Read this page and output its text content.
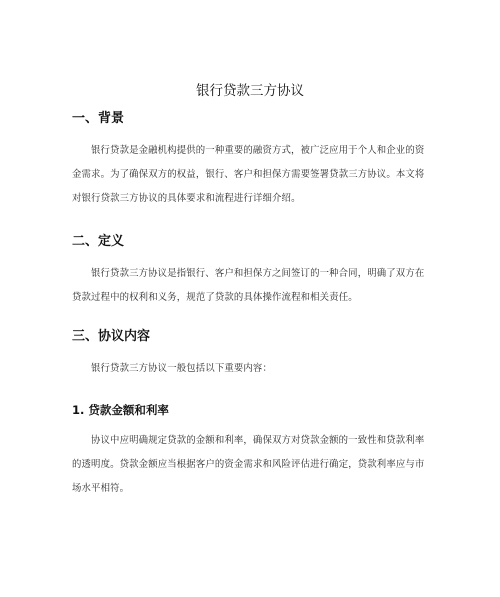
银行贷款三方协议
一、背景

银行贷款是金融机构提供的一种重要的融资方式，被广泛应用于个人和企业的资金需求。为了确保双方的权益，银行、客户和担保方需要签署贷款三方协议。本文将对银行贷款三方协议的具体要求和流程进行详细介绍。

二、定义

银行贷款三方协议是指银行、客户和担保方之间签订的一种合同，明确了双方在贷款过程中的权利和义务，规范了贷款的具体操作流程和相关责任。

三、协议内容

银行贷款三方协议一般包括以下重要内容：

1. 贷款金额和利率

协议中应明确规定贷款的金额和利率，确保双方对贷款金额的一致性和贷款利率的透明度。贷款金额应当根据客户的资金需求和风险评估进行确定，贷款利率应与市场水平相符。
